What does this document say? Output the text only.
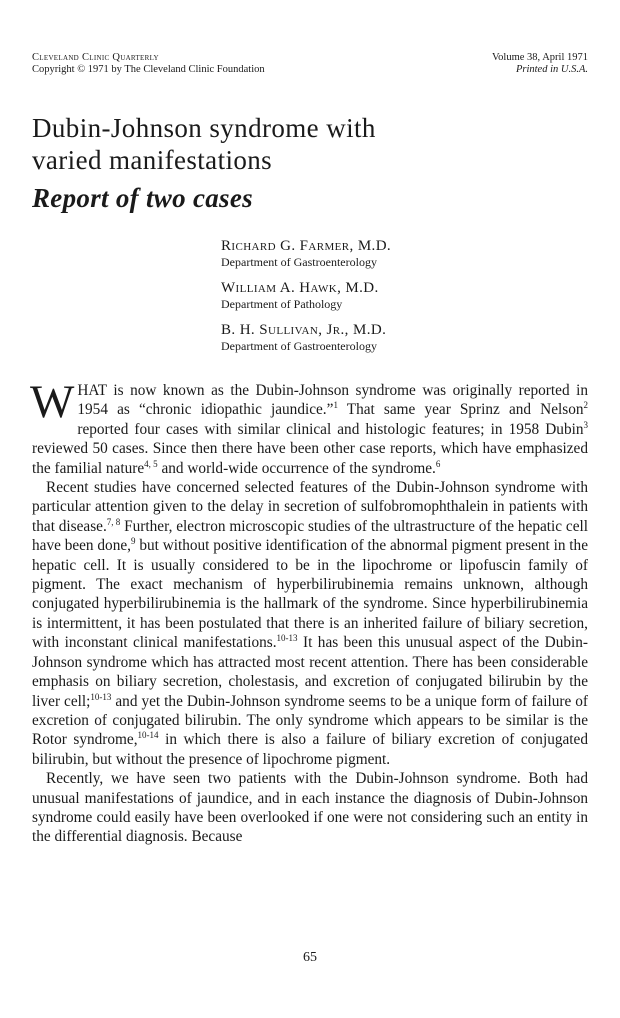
Cleveland Clinic Quarterly
Copyright © 1971 by The Cleveland Clinic Foundation
Volume 38, April 1971
Printed in U.S.A.
Dubin-Johnson syndrome with
varied manifestations
Report of two cases
Richard G. Farmer, M.D.
Department of Gastroenterology
William A. Hawk, M.D.
Department of Pathology
B. H. Sullivan, Jr., M.D.
Department of Gastroenterology

WHAT is now known as the Dubin-Johnson syndrome was originally reported in 1954 as “chronic idiopathic jaundice.”$^1$ That same year Sprinz and Nelson$^2$ reported four cases with similar clinical and histologic features; in 1958 Dubin$^3$ reviewed 50 cases. Since then there have been other case reports, which have emphasized the familial nature$^{4, 5}$ and world-wide occurrence of the syndrome.$^6$

Recent studies have concerned selected features of the Dubin-Johnson syndrome with particular attention given to the delay in secretion of sulfobromophthalein in patients with that disease.$^{7, 8}$ Further, electron microscopic studies of the ultrastructure of the hepatic cell have been done,$^9$ but without positive identification of the abnormal pigment present in the hepatic cell. It is usually considered to be in the lipochrome or lipofuscin family of pigment. The exact mechanism of hyperbilirubinemia remains unknown, although conjugated hyperbilirubinemia is the hallmark of the syndrome. Since hyperbilirubinemia is intermittent, it has been postulated that there is an inherited failure of biliary secretion, with inconstant clinical manifestations.$^{10-13}$ It has been this unusual aspect of the Dubin-Johnson syndrome which has attracted most recent attention. There has been considerable emphasis on biliary secretion, cholestasis, and excretion of conjugated bilirubin by the liver cell;$^{10-13}$ and yet the Dubin-Johnson syndrome seems to be a unique form of failure of excretion of conjugated bilirubin. The only syndrome which appears to be similar is the Rotor syndrome,$^{10-14}$ in which there is also a failure of biliary excretion of conjugated bilirubin, but without the presence of lipochrome pigment.

Recently, we have seen two patients with the Dubin-Johnson syndrome. Both had unusual manifestations of jaundice, and in each instance the diagnosis of Dubin-Johnson syndrome could easily have been overlooked if one were not considering such an entity in the differential diagnosis. Because

65
